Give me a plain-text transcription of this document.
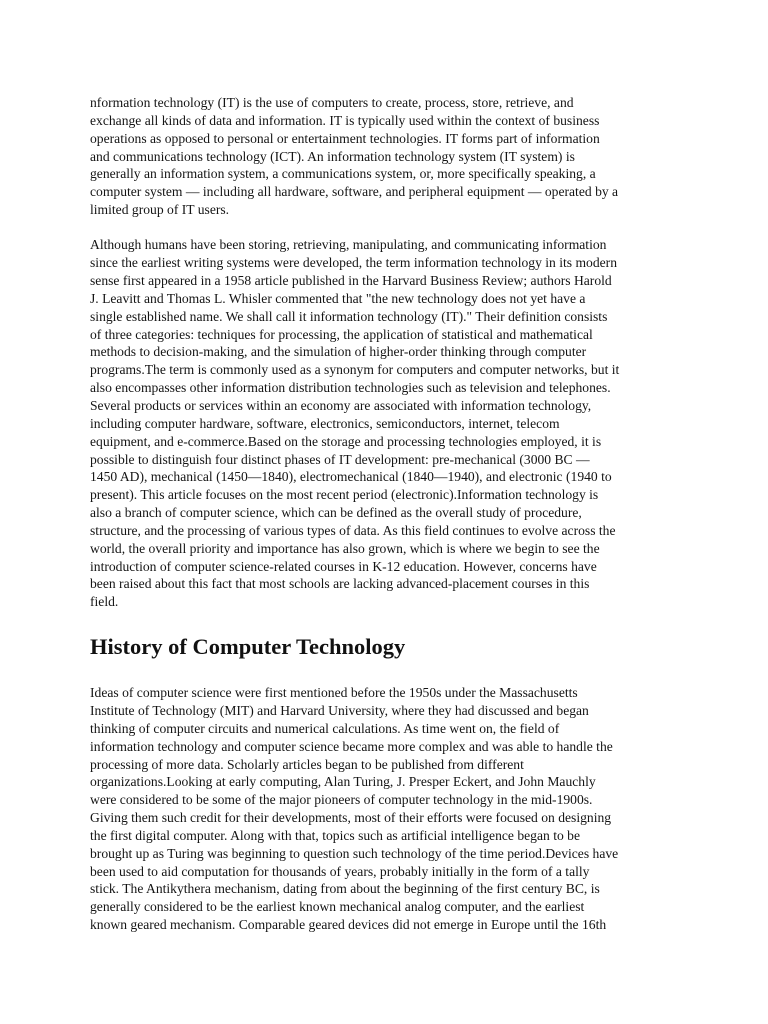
nformation technology (IT) is the use of computers to create, process, store, retrieve, and
exchange all kinds of data and information. IT is typically used within the context of business
operations as opposed to personal or entertainment technologies. IT forms part of information
and communications technology (ICT). An information technology system (IT system) is
generally an information system, a communications system, or, more specifically speaking, a
computer system — including all hardware, software, and peripheral equipment — operated by a
limited group of IT users.

Although humans have been storing, retrieving, manipulating, and communicating information
since the earliest writing systems were developed, the term information technology in its modern
sense first appeared in a 1958 article published in the Harvard Business Review; authors Harold
J. Leavitt and Thomas L. Whisler commented that "the new technology does not yet have a
single established name. We shall call it information technology (IT)." Their definition consists
of three categories: techniques for processing, the application of statistical and mathematical
methods to decision-making, and the simulation of higher-order thinking through computer
programs.The term is commonly used as a synonym for computers and computer networks, but it
also encompasses other information distribution technologies such as television and telephones.
Several products or services within an economy are associated with information technology,
including computer hardware, software, electronics, semiconductors, internet, telecom
equipment, and e-commerce.Based on the storage and processing technologies employed, it is
possible to distinguish four distinct phases of IT development: pre-mechanical (3000 BC —
1450 AD), mechanical (1450—1840), electromechanical (1840—1940), and electronic (1940 to
present). This article focuses on the most recent period (electronic).Information technology is
also a branch of computer science, which can be defined as the overall study of procedure,
structure, and the processing of various types of data. As this field continues to evolve across the
world, the overall priority and importance has also grown, which is where we begin to see the
introduction of computer science-related courses in K-12 education. However, concerns have
been raised about this fact that most schools are lacking advanced-placement courses in this
field.

History of Computer Technology

Ideas of computer science were first mentioned before the 1950s under the Massachusetts
Institute of Technology (MIT) and Harvard University, where they had discussed and began
thinking of computer circuits and numerical calculations. As time went on, the field of
information technology and computer science became more complex and was able to handle the
processing of more data. Scholarly articles began to be published from different
organizations.Looking at early computing, Alan Turing, J. Presper Eckert, and John Mauchly
were considered to be some of the major pioneers of computer technology in the mid-1900s.
Giving them such credit for their developments, most of their efforts were focused on designing
the first digital computer. Along with that, topics such as artificial intelligence began to be
brought up as Turing was beginning to question such technology of the time period.Devices have
been used to aid computation for thousands of years, probably initially in the form of a tally
stick. The Antikythera mechanism, dating from about the beginning of the first century BC, is
generally considered to be the earliest known mechanical analog computer, and the earliest
known geared mechanism. Comparable geared devices did not emerge in Europe until the 16th
